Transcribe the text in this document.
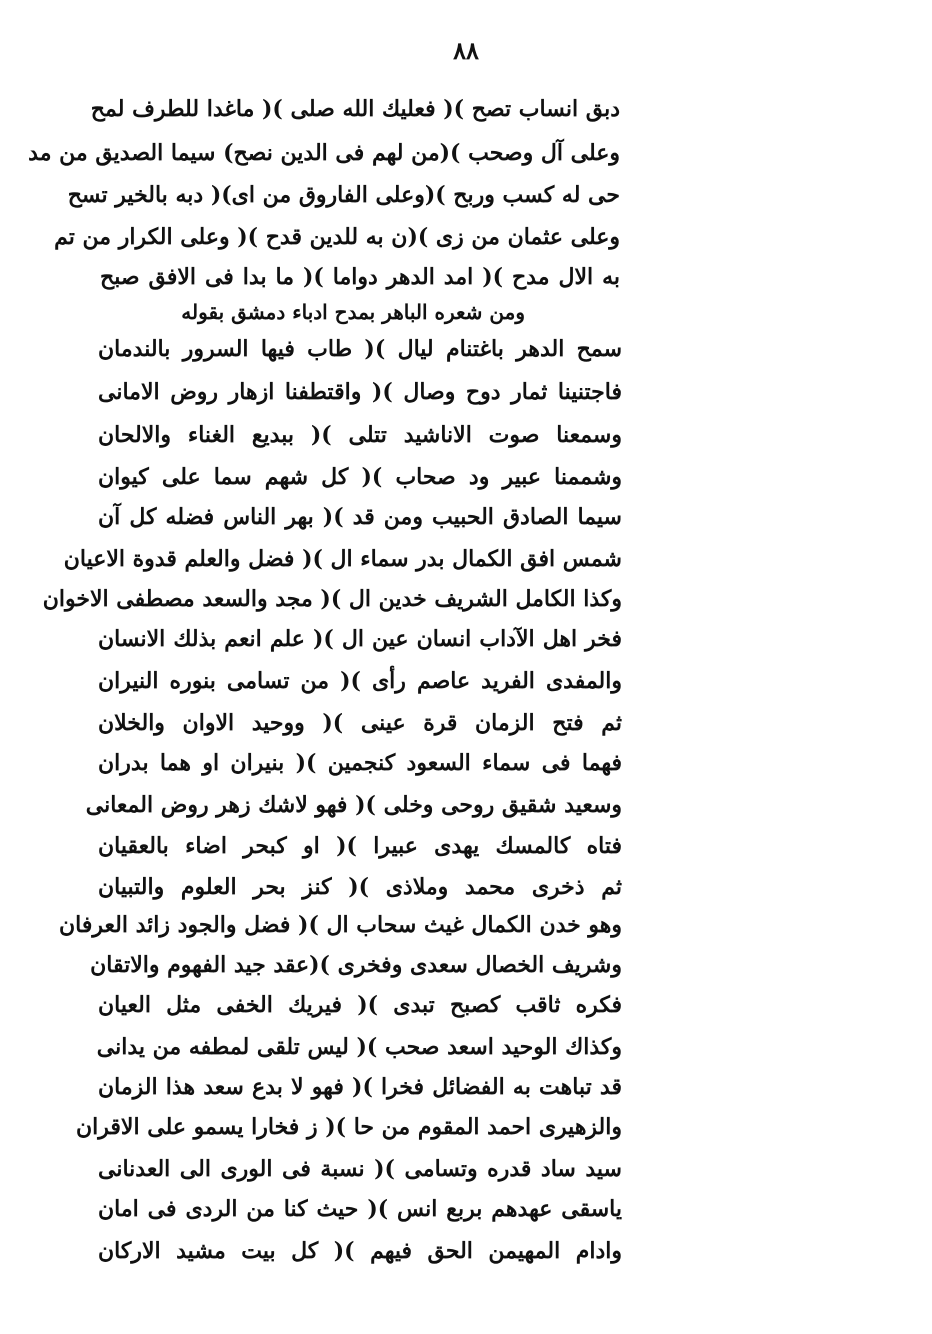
٨٨
دبق انساب تصح )( فعليك الله صلى )( ماغدا للطرف لمح
وعلى آل وصحب )(من لهم فى الدين نصح) سيما الصديق من مد
حى له كسب وربح )(وعلى الفاروق من اى)( دبه بالخير تسح
وعلى عثمان من زى )(ن به للدين قدح )( وعلى الكرار من تم
به الال مدح )( امد الدهر دواما )( ما بدا فى الافق صبح
ومن شعره الباهر بمدح ادباء دمشق بقوله
سمح الدهر باغتنام ليال )( طاب فيها السرور بالندمان
فاجتنينا ثمار دوح وصال )( واقتطفنا ازهار روض الامانى
وسمعنا صوت الاناشيد تتلى )( ببديع الغناء والالحان
وشممنا عبير ود صحاب )( كل شهم سما على كيوان
سيما الصادق الحبيب ومن قد )( بهر الناس فضله كل آن
شمس افق الكمال بدر سماء ال )( فضل والعلم قدوة الاعيان
وكذا الكامل الشريف خدين ال )( مجد والسعد مصطفى الاخوان
فخر اهل الآداب انسان عين ال )( علم انعم بذلك الانسان
والمفدى الفريد عاصم رأى )( من تسامى بنوره النيران
ثم فتح الزمان قرة عينى )( ووحيد الاوان والخلان
فهما فى سماء السعود كنجمين )( بنيران او هما بدران
وسعيد شقيق روحى وخلى )( فهو لاشك زهر روض المعانى
فتاه كالمسك يهدى عبيرا )( او كبحر اضاء بالعقيان
ثم ذخرى محمد وملاذى )( كنز بحر العلوم والتبيان
وهو خدن الكمال غيث سحاب ال )( فضل والجود زائد العرفان
وشريف الخصال سعدى وفخرى )(عقد جيد الفهوم والاتقان
فكره ثاقب كصبح تبدى )( فيريك الخفى مثل العيان
وكذاك الوحيد اسعد صحب )( ليس تلقى لمطفه من يدانى
قد تباهت به الفضائل فخرا )( فهو لا بدع سعد هذا الزمان
والزهيرى احمد المقوم من حا )( ز فخارا يسمو على الاقران
سيد ساد قدره وتسامى )( نسبة فى الورى الى العدنانى
ياسقى عهدهم بربع انس )( حيث كنا من الردى فى امان
وادام المهيمن الحق فيهم )( كل بيت مشيد الاركان
